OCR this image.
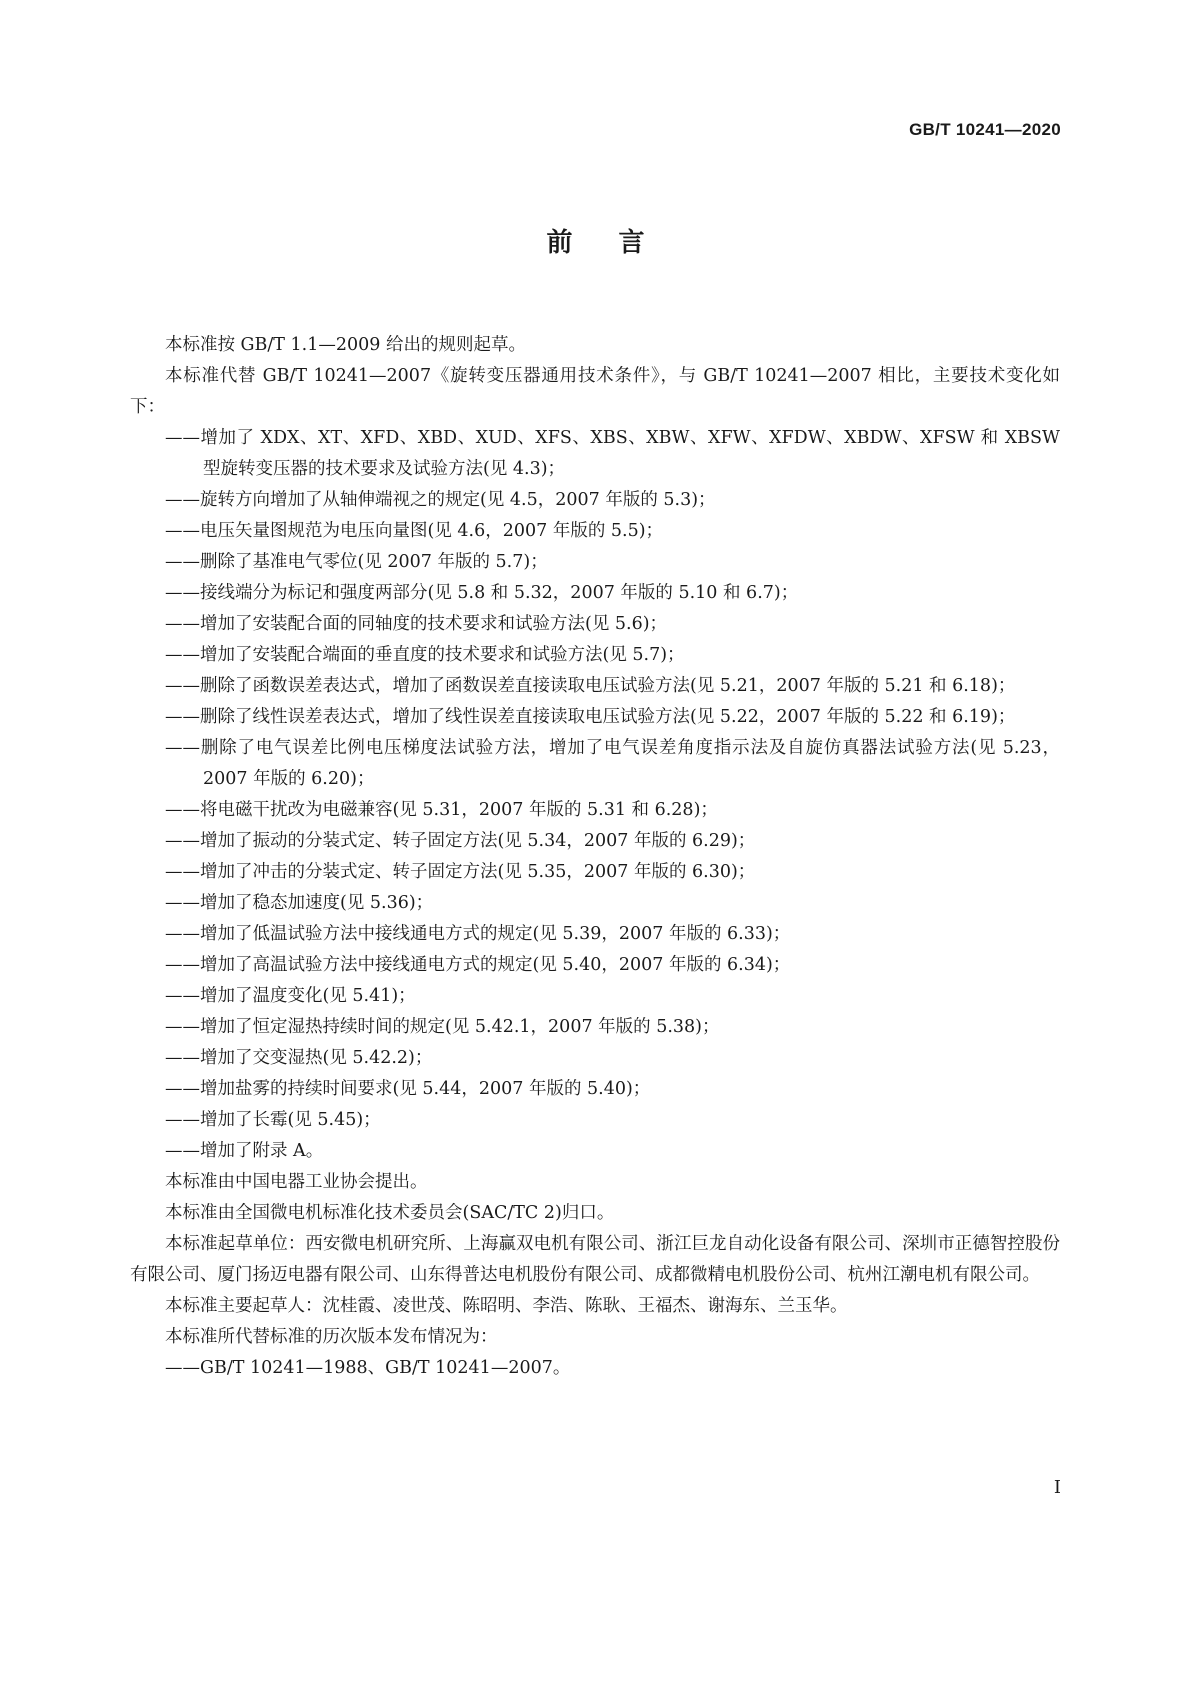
GB/T 10241—2020
前言

本标准按 GB/T 1.1—2009 给出的规则起草。

本标准代替 GB/T 10241—2007《旋转变压器通用技术条件》，与 GB/T 10241—2007 相比，主要技术变化如下：

——增加了 XDX、XT、XFD、XBD、XUD、XFS、XBS、XBW、XFW、XFDW、XBDW、XFSW 和 XBSW 型旋转变压器的技术要求及试验方法(见 4.3)；

——旋转方向增加了从轴伸端视之的规定(见 4.5，2007 年版的 5.3)；

——电压矢量图规范为电压向量图(见 4.6，2007 年版的 5.5)；

——删除了基准电气零位(见 2007 年版的 5.7)；

——接线端分为标记和强度两部分(见 5.8 和 5.32，2007 年版的 5.10 和 6.7)；

——增加了安装配合面的同轴度的技术要求和试验方法(见 5.6)；

——增加了安装配合端面的垂直度的技术要求和试验方法(见 5.7)；

——删除了函数误差表达式，增加了函数误差直接读取电压试验方法(见 5.21，2007 年版的 5.21 和 6.18)；

——删除了线性误差表达式，增加了线性误差直接读取电压试验方法(见 5.22，2007 年版的 5.22 和 6.19)；

——删除了电气误差比例电压梯度法试验方法，增加了电气误差角度指示法及自旋仿真器法试验方法(见 5.23，2007 年版的 6.20)；

——将电磁干扰改为电磁兼容(见 5.31，2007 年版的 5.31 和 6.28)；

——增加了振动的分装式定、转子固定方法(见 5.34，2007 年版的 6.29)；

——增加了冲击的分装式定、转子固定方法(见 5.35，2007 年版的 6.30)；

——增加了稳态加速度(见 5.36)；

——增加了低温试验方法中接线通电方式的规定(见 5.39，2007 年版的 6.33)；

——增加了高温试验方法中接线通电方式的规定(见 5.40，2007 年版的 6.34)；

——增加了温度变化(见 5.41)；

——增加了恒定湿热持续时间的规定(见 5.42.1，2007 年版的 5.38)；

——增加了交变湿热(见 5.42.2)；

——增加盐雾的持续时间要求(见 5.44，2007 年版的 5.40)；

——增加了长霉(见 5.45)；

——增加了附录 A。

本标准由中国电器工业协会提出。

本标准由全国微电机标准化技术委员会(SAC/TC 2)归口。

本标准起草单位：西安微电机研究所、上海赢双电机有限公司、浙江巨龙自动化设备有限公司、深圳市正德智控股份有限公司、厦门扬迈电器有限公司、山东得普达电机股份有限公司、成都微精电机股份公司、杭州江潮电机有限公司。

本标准主要起草人：沈桂霞、凌世茂、陈昭明、李浩、陈耿、王福杰、谢海东、兰玉华。

本标准所代替标准的历次版本发布情况为：

——GB/T 10241—1988、GB/T 10241—2007。

I
